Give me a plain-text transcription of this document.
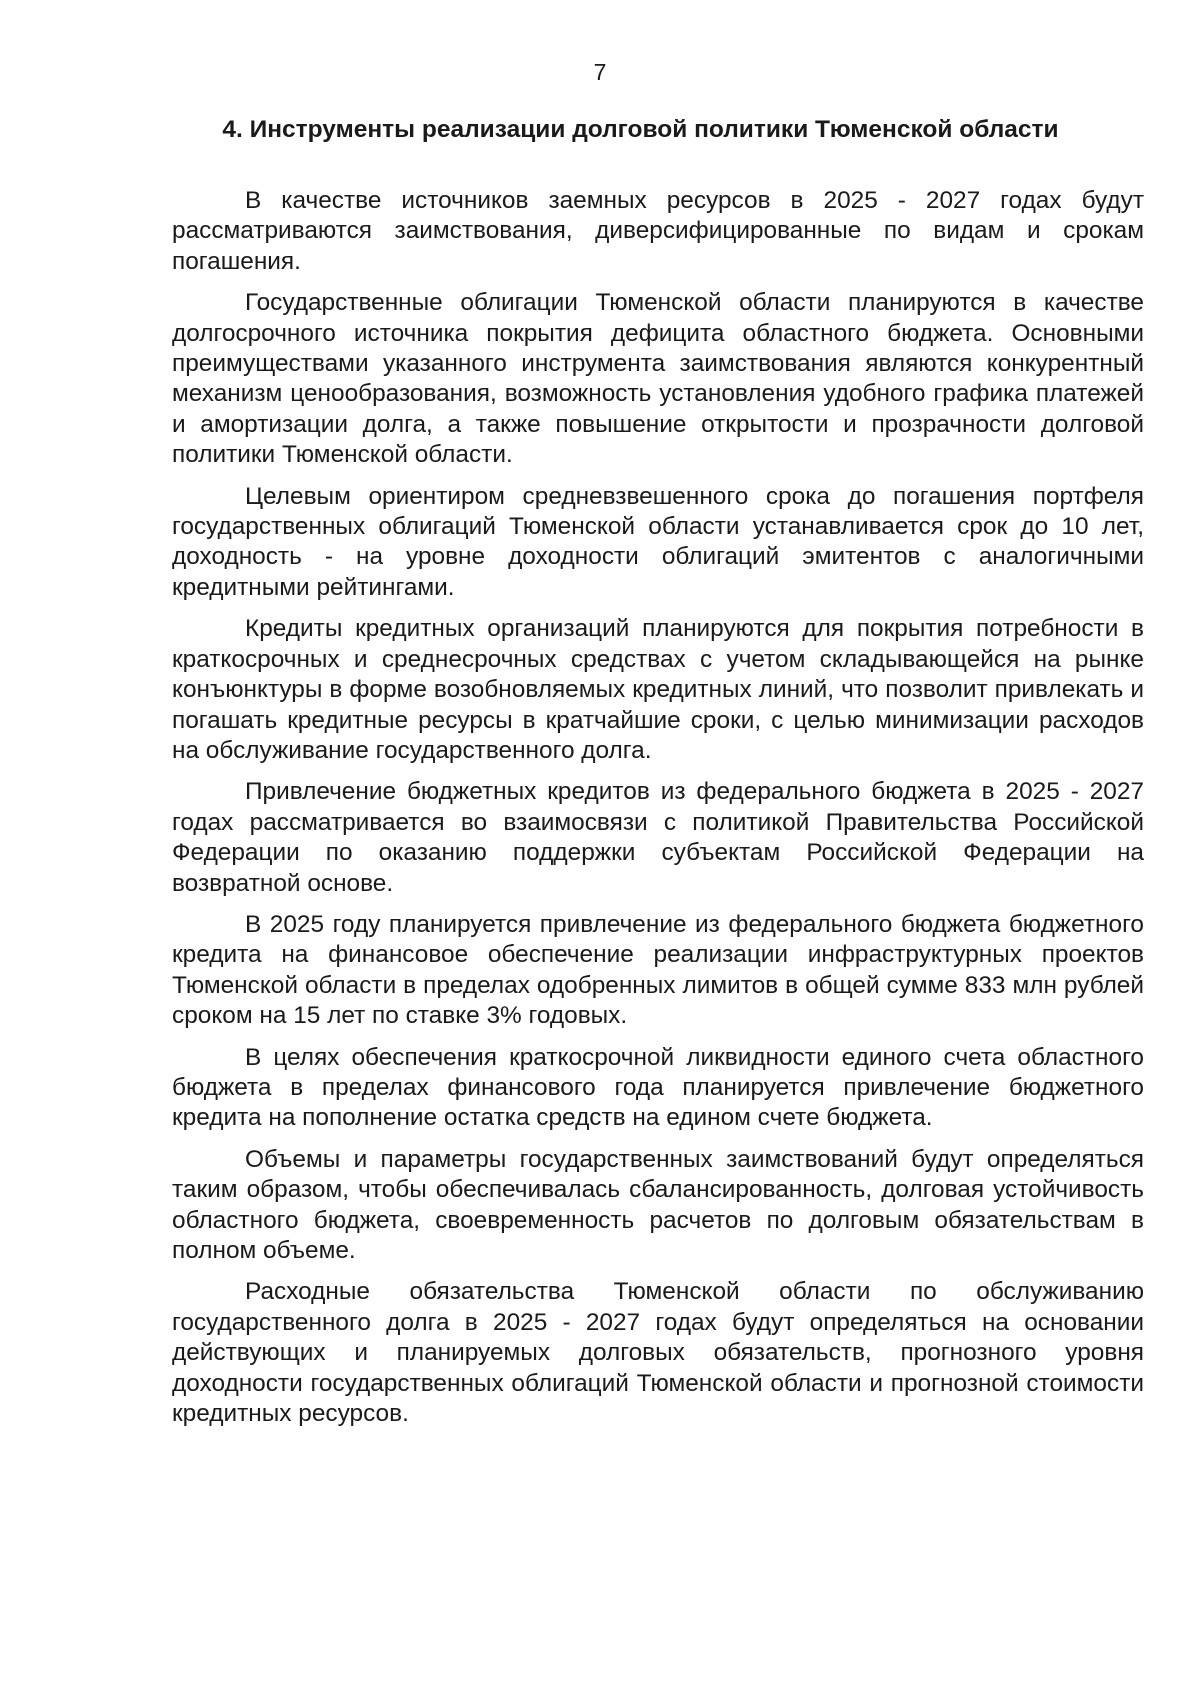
7
4. Инструменты реализации долговой политики Тюменской области

В качестве источников заемных ресурсов в 2025 - 2027 годах будут рассматриваются заимствования, диверсифицированные по видам и срокам погашения.

Государственные облигации Тюменской области планируются в качестве долгосрочного источника покрытия дефицита областного бюджета. Основными преимуществами указанного инструмента заимствования являются конкурентный механизм ценообразования, возможность установления удобного графика платежей и амортизации долга, а также повышение открытости и прозрачности долговой политики Тюменской области.

Целевым ориентиром средневзвешенного срока до погашения портфеля государственных облигаций Тюменской области устанавливается срок до 10 лет, доходность - на уровне доходности облигаций эмитентов с аналогичными кредитными рейтингами.

Кредиты кредитных организаций планируются для покрытия потребности в краткосрочных и среднесрочных средствах с учетом складывающейся на рынке конъюнктуры в форме возобновляемых кредитных линий, что позволит привлекать и погашать кредитные ресурсы в кратчайшие сроки, с целью минимизации расходов на обслуживание государственного долга.

Привлечение бюджетных кредитов из федерального бюджета в 2025 - 2027 годах рассматривается во взаимосвязи с политикой Правительства Российской Федерации по оказанию поддержки субъектам Российской Федерации на возвратной основе.

В 2025 году планируется привлечение из федерального бюджета бюджетного кредита на финансовое обеспечение реализации инфраструктурных проектов Тюменской области в пределах одобренных лимитов в общей сумме 833 млн рублей сроком на 15 лет по ставке 3% годовых.

В целях обеспечения краткосрочной ликвидности единого счета областного бюджета в пределах финансового года планируется привлечение бюджетного кредита на пополнение остатка средств на едином счете бюджета.

Объемы и параметры государственных заимствований будут определяться таким образом, чтобы обеспечивалась сбалансированность, долговая устойчивость областного бюджета, своевременность расчетов по долговым обязательствам в полном объеме.

Расходные обязательства Тюменской области по обслуживанию государственного долга в 2025 - 2027 годах будут определяться на основании действующих и планируемых долговых обязательств, прогнозного уровня доходности государственных облигаций Тюменской области и прогнозной стоимости кредитных ресурсов.
